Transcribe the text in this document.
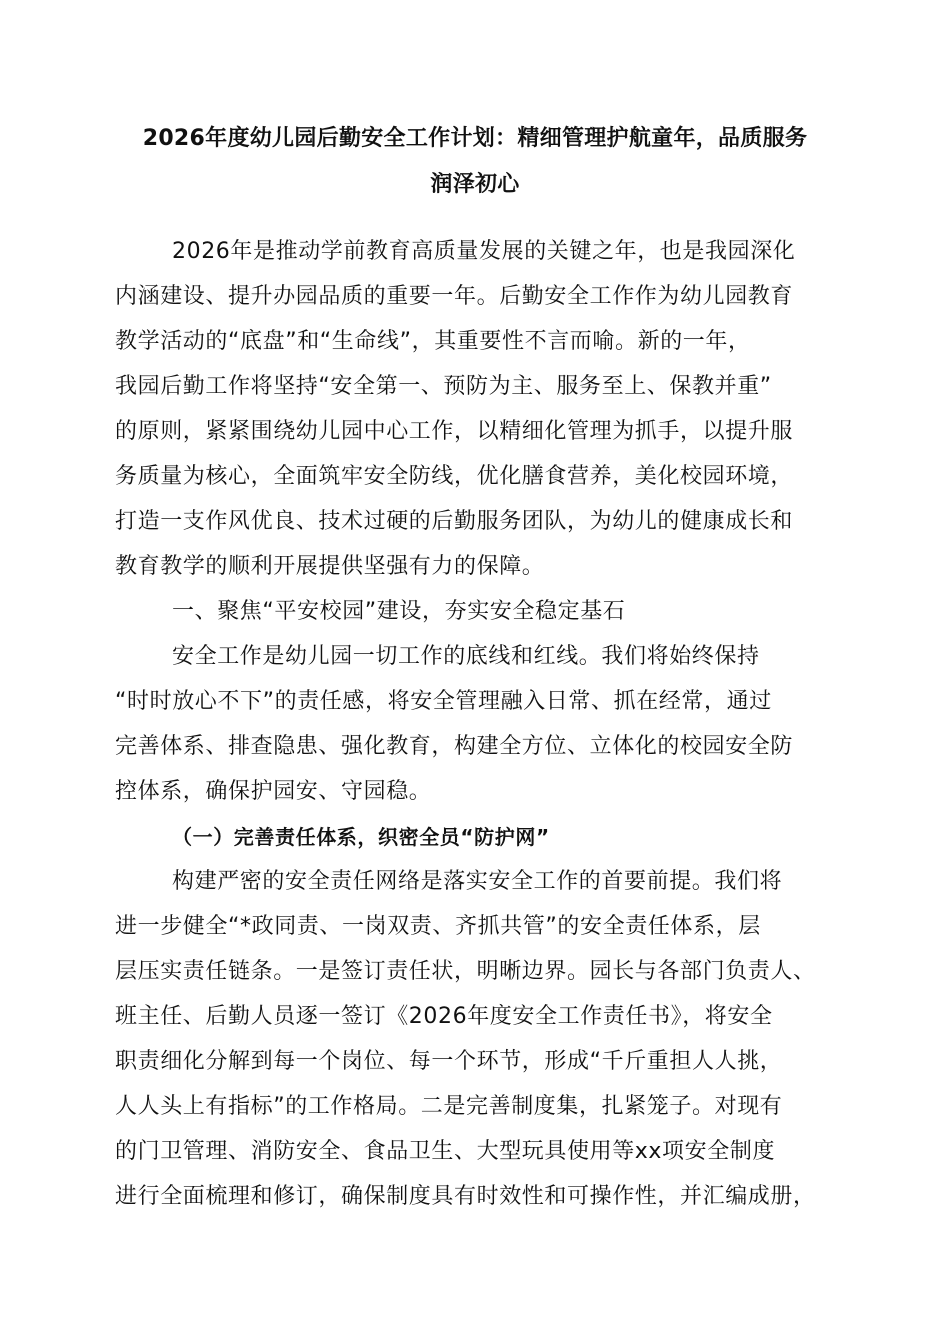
2026年度幼儿园后勤安全工作计划：精细管理护航童年，品质服务
润泽初心
2026年是推动学前教育高质量发展的关键之年，也是我园深化
内涵建设、提升办园品质的重要一年。后勤安全工作作为幼儿园教育
教学活动的“底盘”和“生命线”，其重要性不言而喻。新的一年，
我园后勤工作将坚持“安全第一、预防为主、服务至上、保教并重”
的原则，紧紧围绕幼儿园中心工作，以精细化管理为抓手，以提升服
务质量为核心，全面筑牢安全防线，优化膳食营养，美化校园环境，
打造一支作风优良、技术过硬的后勤服务团队，为幼儿的健康成长和
教育教学的顺利开展提供坚强有力的保障。
一、聚焦“平安校园”建设，夯实安全稳定基石
安全工作是幼儿园一切工作的底线和红线。我们将始终保持
“时时放心不下”的责任感，将安全管理融入日常、抓在经常，通过
完善体系、排查隐患、强化教育，构建全方位、立体化的校园安全防
控体系，确保护园安、守园稳。
（一）完善责任体系，织密全员“防护网”
构建严密的安全责任网络是落实安全工作的首要前提。我们将
进一步健全“*政同责、一岗双责、齐抓共管”的安全责任体系，层
层压实责任链条。一是签订责任状，明晰边界。园长与各部门负责人、
班主任、后勤人员逐一签订《2026年度安全工作责任书》，将安全
职责细化分解到每一个岗位、每一个环节，形成“千斤重担人人挑，
人人头上有指标”的工作格局。二是完善制度集，扎紧笼子。对现有
的门卫管理、消防安全、食品卫生、大型玩具使用等xx项安全制度
进行全面梳理和修订，确保制度具有时效性和可操作性，并汇编成册，
